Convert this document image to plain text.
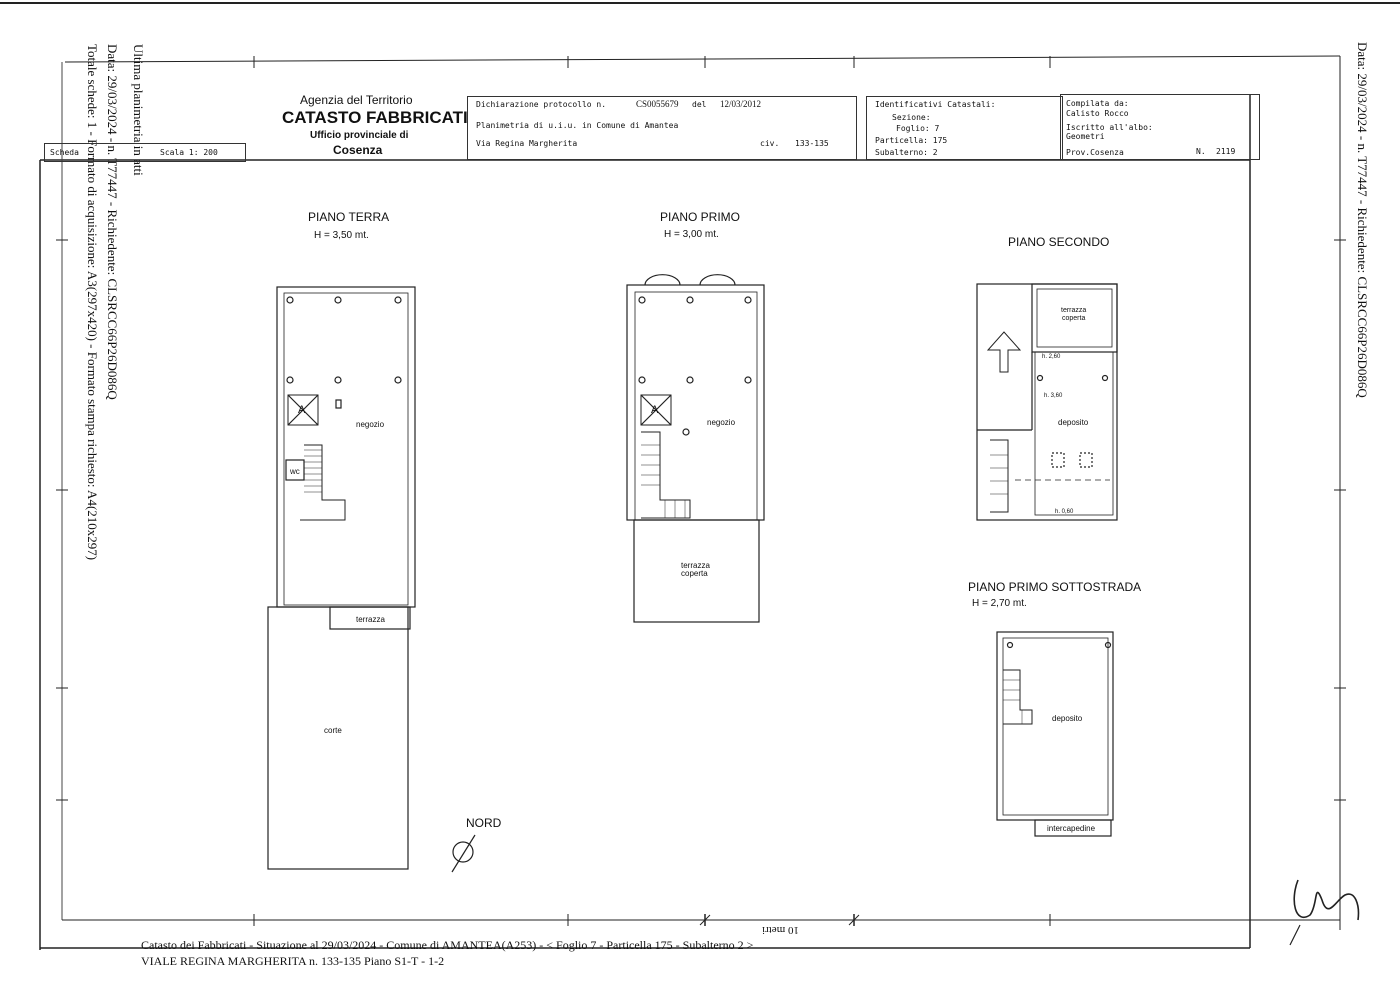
Ultima planimetria in atti
Data: 29/03/2024 - n. T77447 - Richiedente: CLSRCC66P26D086Q
Totale schede: 1 - Formato di acquisizione: A3(297x420) - Formato stampa richiesto: A4(210x297)	Data: 29/03/2024 - n. T77447 - Richiedente: CLSRCC66P26D086Q
Scheda	Scala 1: 200
Agenzia del Territorio
CATASTO FABBRICATI
Ufficio provinciale di
Cosenza
Dichiarazione protocollo n.	CS0055679 del 12/03/2012
Planimetria di u.i.u. in Comune di Amantea
Via Regina Margherita	civ. 133-135
Identificativi Catastali:
Sezione:
Foglio: 7
Particella: 175
Subalterno: 2
Compilata da:
Calisto Rocco
Iscritto all'albo:
Geometri
Prov.Cosenza	N. 2119
PIANO TERRA
H = 3,50 mt.
PIANO PRIMO
H = 3,00 mt.
PIANO SECONDO
PIANO PRIMO SOTTOSTRADA
H = 2,70 mt.
negozio
wc
terrazza
corte
A
negozio
terrazza
coperta
A
terrazza
coperta
h. 2,60
h. 3,60
deposito
h. 0,60
deposito
intercapedine
NORD
10 metri
Catasto dei Fabbricati - Situazione al 29/03/2024 - Comune di AMANTEA(A253) - < Foglio 7 - Particella 175 - Subalterno 2 >
VIALE REGINA MARGHERITA n. 133-135 Piano S1-T - 1-2
